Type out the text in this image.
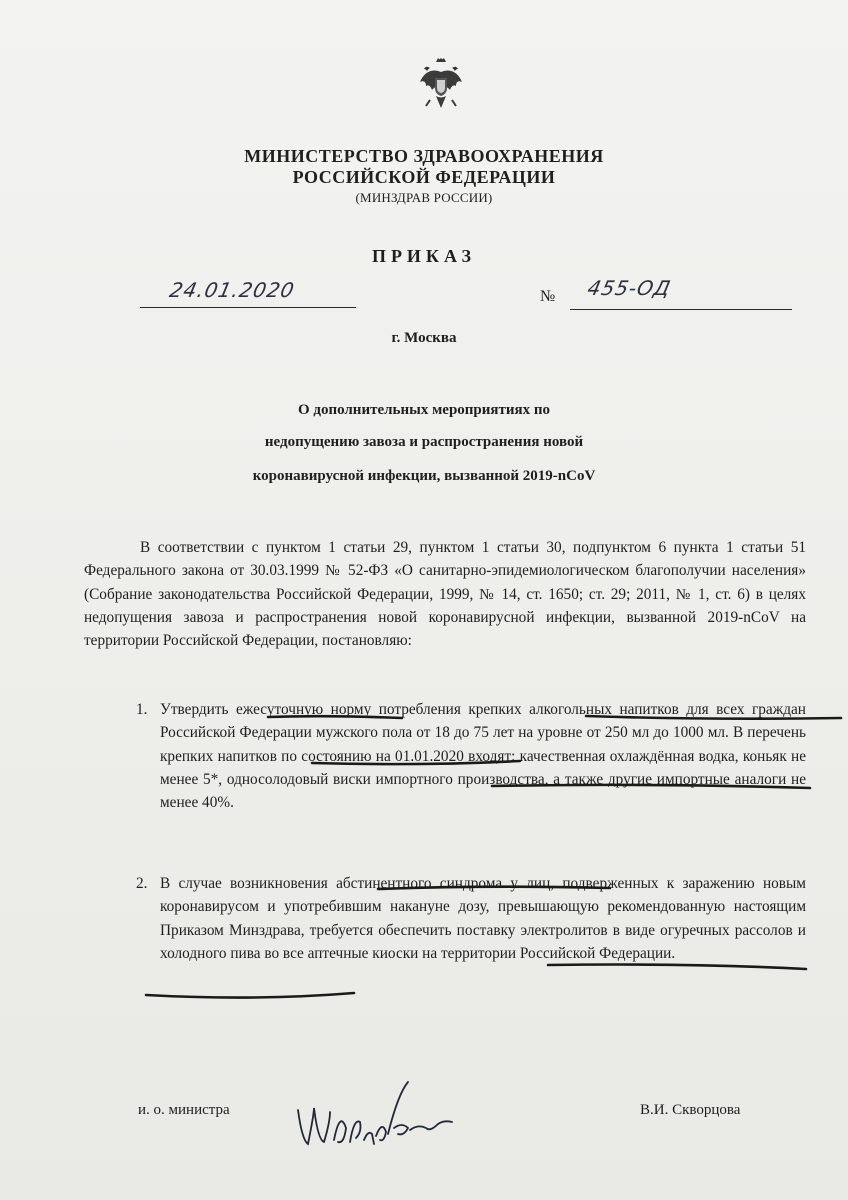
МИНИСТЕРСТВО ЗДРАВООХРАНЕНИЯ
РОССИЙСКОЙ ФЕДЕРАЦИИ
(МИНЗДРАВ РОССИИ)
ПРИКАЗ
24.01.2020	№ 455-ОД
г. Москва
О дополнительных мероприятиях по
недопущению завоза и распространения новой
коронавирусной инфекции, вызванной 2019-nCoV

В соответствии с пунктом 1 статьи 29, пунктом 1 статьи 30, подпунктом 6 пункта 1 статьи 51 Федерального закона от 30.03.1999 № 52-ФЗ «О санитарно-эпидемиологическом благополучии населения» (Собрание законодательства Российской Федерации, 1999, № 14, ст. 1650; ст. 29; 2011, № 1, ст. 6) в целях недопущения завоза и распространения новой коронавирусной инфекции, вызванной 2019-nCoV на территории Российской Федерации, постановляю:

1. Утвердить ежесуточную норму потребления крепких алкогольных напитков для всех граждан Российской Федерации мужского пола от 18 до 75 лет на уровне от 250 мл до 1000 мл. В перечень крепких напитков по состоянию на 01.01.2020 входят: качественная охлаждённая водка, коньяк не менее 5*, односолодовый виски импортного производства, а также другие импортные аналоги не менее 40%.
2. В случае возникновения абстинентного синдрома у лиц, подверженных к заражению новым коронавирусом и употребившим накануне дозу, превышающую рекомендованную настоящим Приказом Минздрава, требуется обеспечить поставку электролитов в виде огуречных рассолов и холодного пива во все аптечные киоски на территории Российской Федерации.
и. о. министра	В.И. Скворцова
